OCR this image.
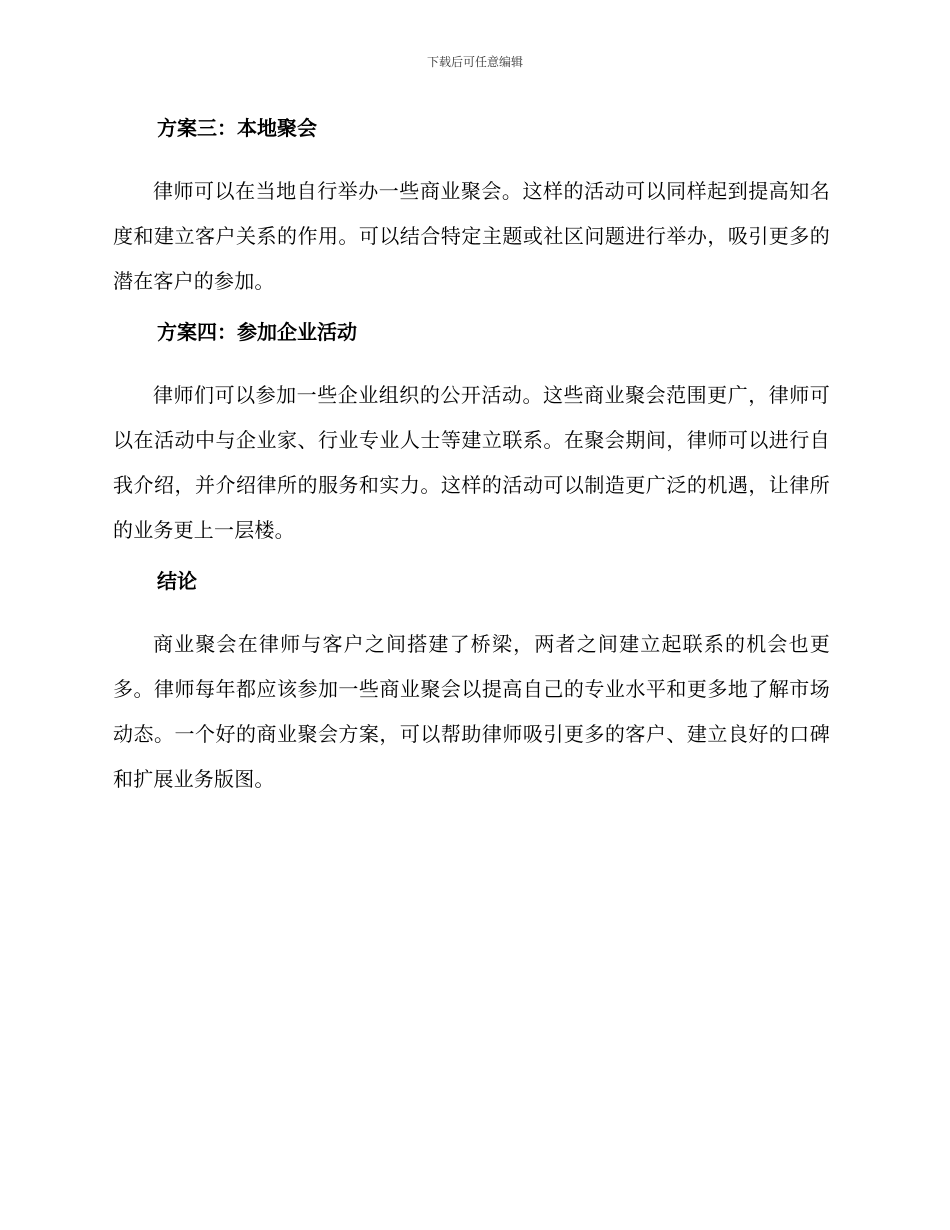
下载后可任意编辑
方案三：本地聚会

律师可以在当地自行举办一些商业聚会。这样的活动可以同样起到提高知名度和建立客户关系的作用。可以结合特定主题或社区问题进行举办，吸引更多的潜在客户的参加。

方案四：参加企业活动

律师们可以参加一些企业组织的公开活动。这些商业聚会范围更广，律师可以在活动中与企业家、行业专业人士等建立联系。在聚会期间，律师可以进行自我介绍，并介绍律所的服务和实力。这样的活动可以制造更广泛的机遇，让律所的业务更上一层楼。

结论

商业聚会在律师与客户之间搭建了桥梁，两者之间建立起联系的机会也更多。律师每年都应该参加一些商业聚会以提高自己的专业水平和更多地了解市场动态。一个好的商业聚会方案，可以帮助律师吸引更多的客户、建立良好的口碑和扩展业务版图。
